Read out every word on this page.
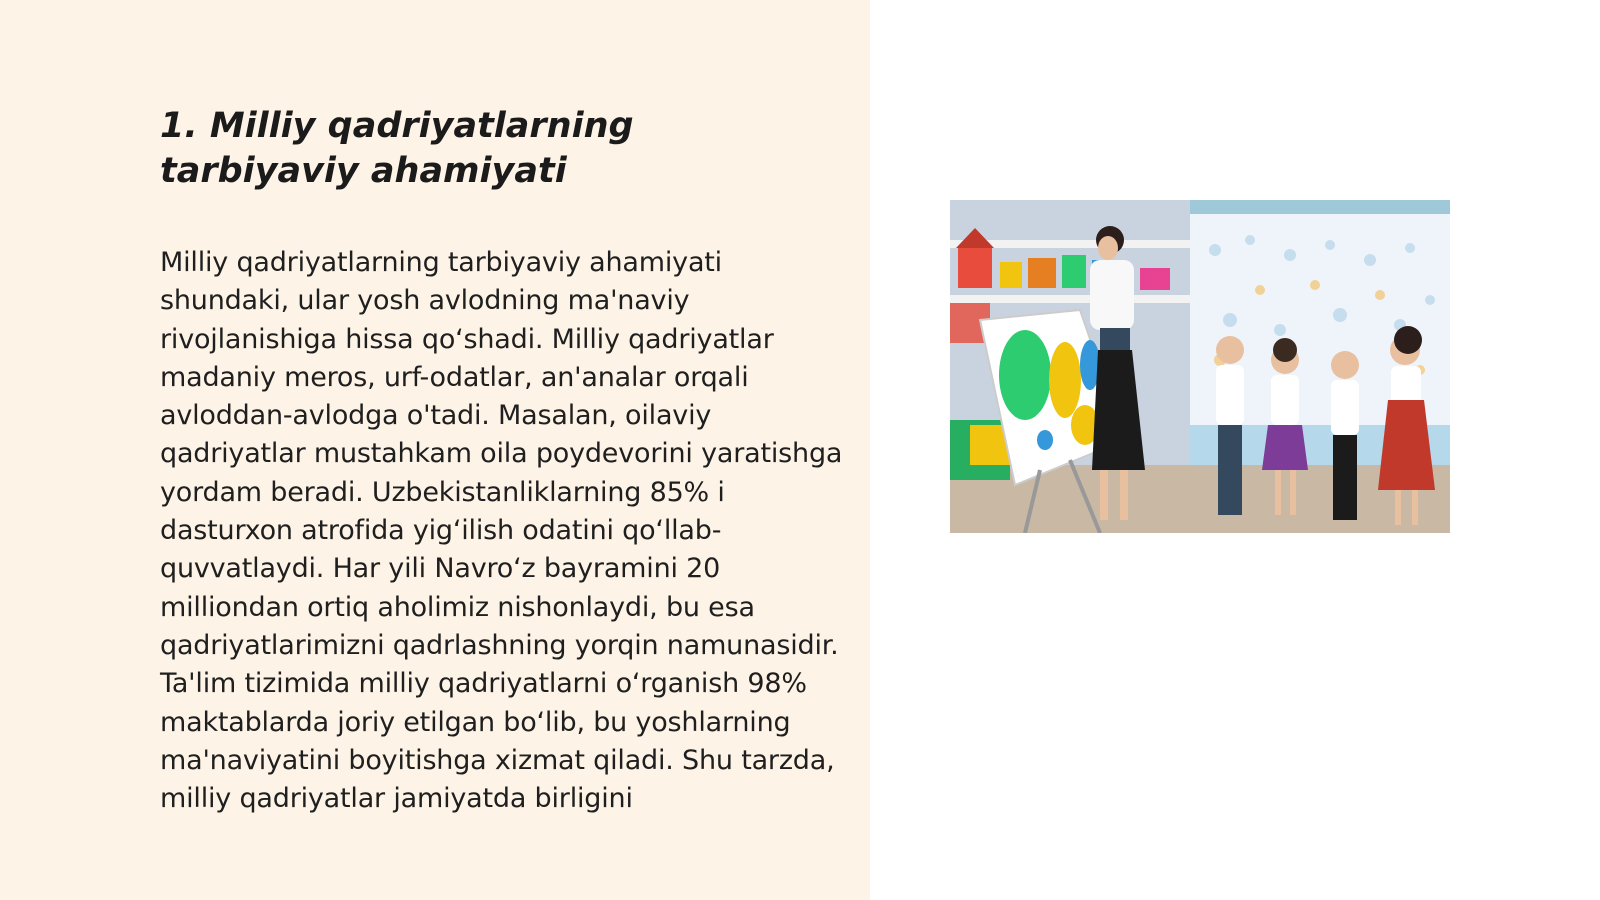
1. Milliy qadriyatlarning tarbiyaviy ahamiyati

Milliy qadriyatlarning tarbiyaviy ahamiyati shundaki, ular yosh avlodning ma'naviy rivojlanishiga hissa qo‘shadi. Milliy qadriyatlar madaniy meros, urf-odatlar, an'analar orqali avloddan-avlodga o'tadi. Masalan, oilaviy qadriyatlar mustahkam oila poydevorini yaratishga yordam beradi. Uzbekistanliklarning 85% i dasturxon atrofida yig‘ilish odatini qo‘llab-quvvatlaydi. Har yili Navro‘z bayramini 20 milliondan ortiq aholimiz nishonlaydi, bu esa qadriyatlarimizni qadrlashning yorqin namunasidir. Ta'lim tizimida milliy qadriyatlarni o‘rganish 98% maktablarda joriy etilgan bo‘lib, bu yoshlarning ma'naviyatini boyitishga xizmat qiladi. Shu tarzda, milliy qadriyatlar jamiyatda birligini
